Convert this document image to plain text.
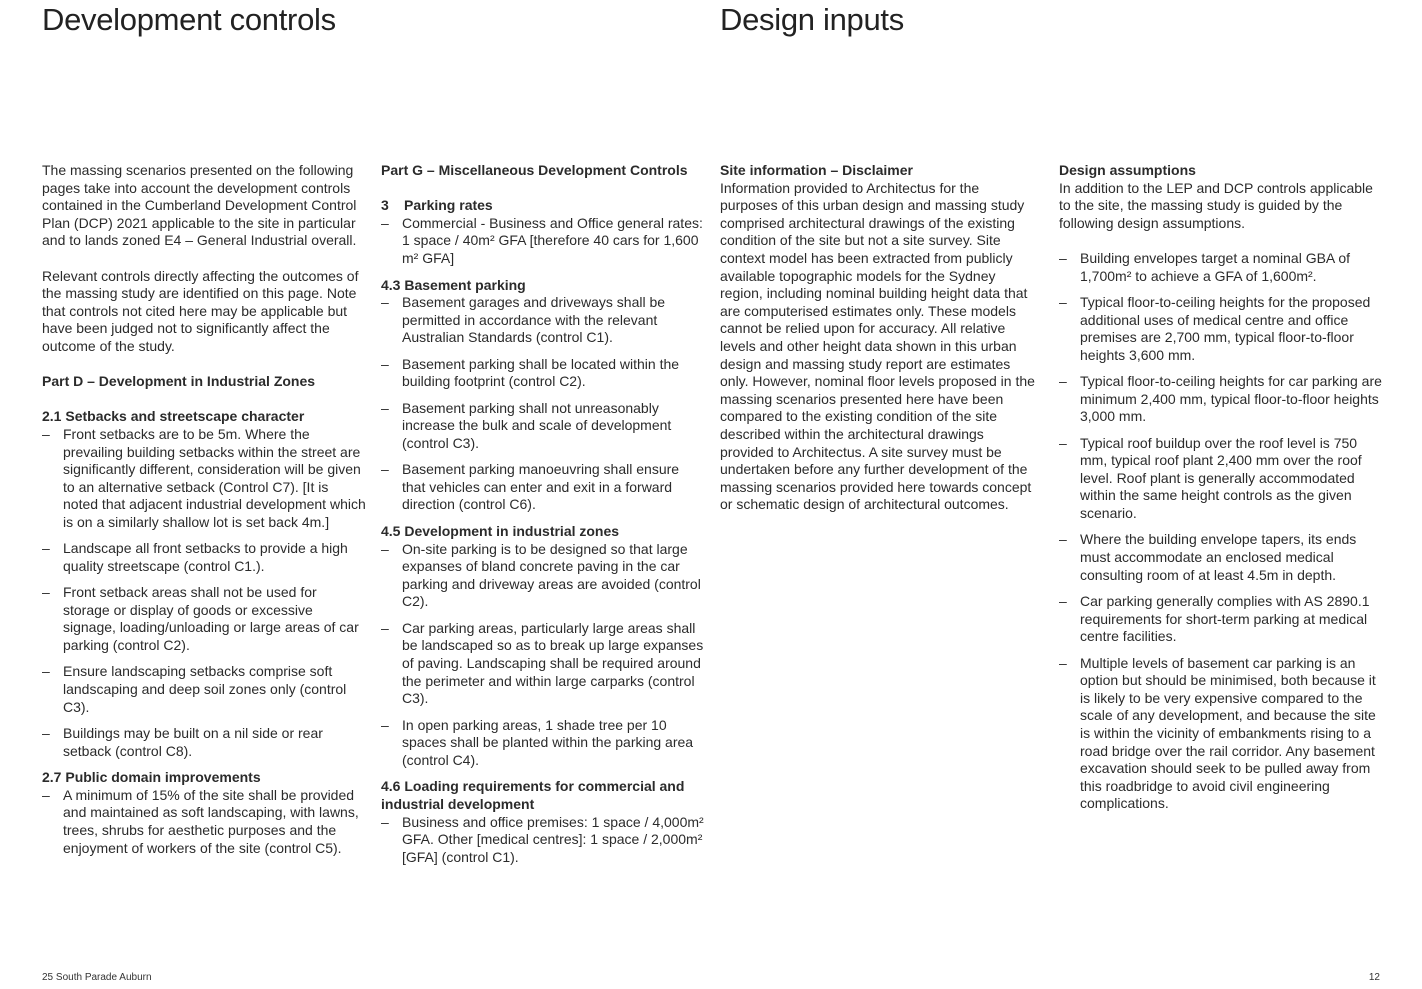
Development controls	Design inputs

The massing scenarios presented on the following pages take into account the development controls contained in the Cumberland Development Control Plan (DCP) 2021 applicable to the site in particular and to lands zoned E4 – General Industrial overall.

Relevant controls directly affecting the outcomes of the massing study are identified on this page. Note that controls not cited here may be applicable but have been judged not to significantly affect the outcome of the study.

Part D – Development in Industrial Zones

2.1 Setbacks and streetscape character

– Front setbacks are to be 5m. Where the prevailing building setbacks within the street are significantly different, consideration will be given to an alternative setback (Control C7). [It is noted that adjacent industrial development which is on a similarly shallow lot is set back 4m.]
– Landscape all front setbacks to provide a high quality streetscape (control C1.).
– Front setback areas shall not be used for storage or display of goods or excessive signage, loading/unloading or large areas of car parking (control C2).
– Ensure landscaping setbacks comprise soft landscaping and deep soil zones only (control C3).
– Buildings may be built on a nil side or rear setback (control C8).

2.7 Public domain improvements

– A minimum of 15% of the site shall be provided and maintained as soft landscaping, with lawns, trees, shrubs for aesthetic purposes and the enjoyment of workers of the site (control C5).

Part G – Miscellaneous Development Controls

3 Parking rates

– Commercial - Business and Office general rates: 1 space / 40m² GFA [therefore 40 cars for 1,600 m² GFA]

4.3 Basement parking

– Basement garages and driveways shall be permitted in accordance with the relevant Australian Standards (control C1).
– Basement parking shall be located within the building footprint (control C2).
– Basement parking shall not unreasonably increase the bulk and scale of development (control C3).
– Basement parking manoeuvring shall ensure that vehicles can enter and exit in a forward direction (control C6).

4.5 Development in industrial zones

– On-site parking is to be designed so that large expanses of bland concrete paving in the car parking and driveway areas are avoided (control C2).
– Car parking areas, particularly large areas shall be landscaped so as to break up large expanses of paving. Landscaping shall be required around the perimeter and within large carparks (control C3).
– In open parking areas, 1 shade tree per 10 spaces shall be planted within the parking area (control C4).

4.6 Loading requirements for commercial and industrial development

– Business and office premises: 1 space / 4,000m² GFA. Other [medical centres]: 1 space / 2,000m² [GFA] (control C1).

Site information – Disclaimer

Information provided to Architectus for the purposes of this urban design and massing study comprised architectural drawings of the existing condition of the site but not a site survey. Site context model has been extracted from publicly available topographic models for the Sydney region, including nominal building height data that are computerised estimates only. These models cannot be relied upon for accuracy. All relative levels and other height data shown in this urban design and massing study report are estimates only. However, nominal floor levels proposed in the massing scenarios presented here have been compared to the existing condition of the site described within the architectural drawings provided to Architectus. A site survey must be undertaken before any further development of the massing scenarios provided here towards concept or schematic design of architectural outcomes.

Design assumptions

In addition to the LEP and DCP controls applicable to the site, the massing study is guided by the following design assumptions.

– Building envelopes target a nominal GBA of 1,700m² to achieve a GFA of 1,600m².
– Typical floor-to-ceiling heights for the proposed additional uses of medical centre and office premises are 2,700 mm, typical floor-to-floor heights 3,600 mm.
– Typical floor-to-ceiling heights for car parking are minimum 2,400 mm, typical floor-to-floor heights 3,000 mm.
– Typical roof buildup over the roof level is 750 mm, typical roof plant 2,400 mm over the roof level. Roof plant is generally accommodated within the same height controls as the given scenario.
– Where the building envelope tapers, its ends must accommodate an enclosed medical consulting room of at least 4.5m in depth.
– Car parking generally complies with AS 2890.1 requirements for short-term parking at medical centre facilities.
– Multiple levels of basement car parking is an option but should be minimised, both because it is likely to be very expensive compared to the scale of any development, and because the site is within the vicinity of embankments rising to a road bridge over the rail corridor. Any basement excavation should seek to be pulled away from this roadbridge to avoid civil engineering complications.
25 South Parade Auburn	12
